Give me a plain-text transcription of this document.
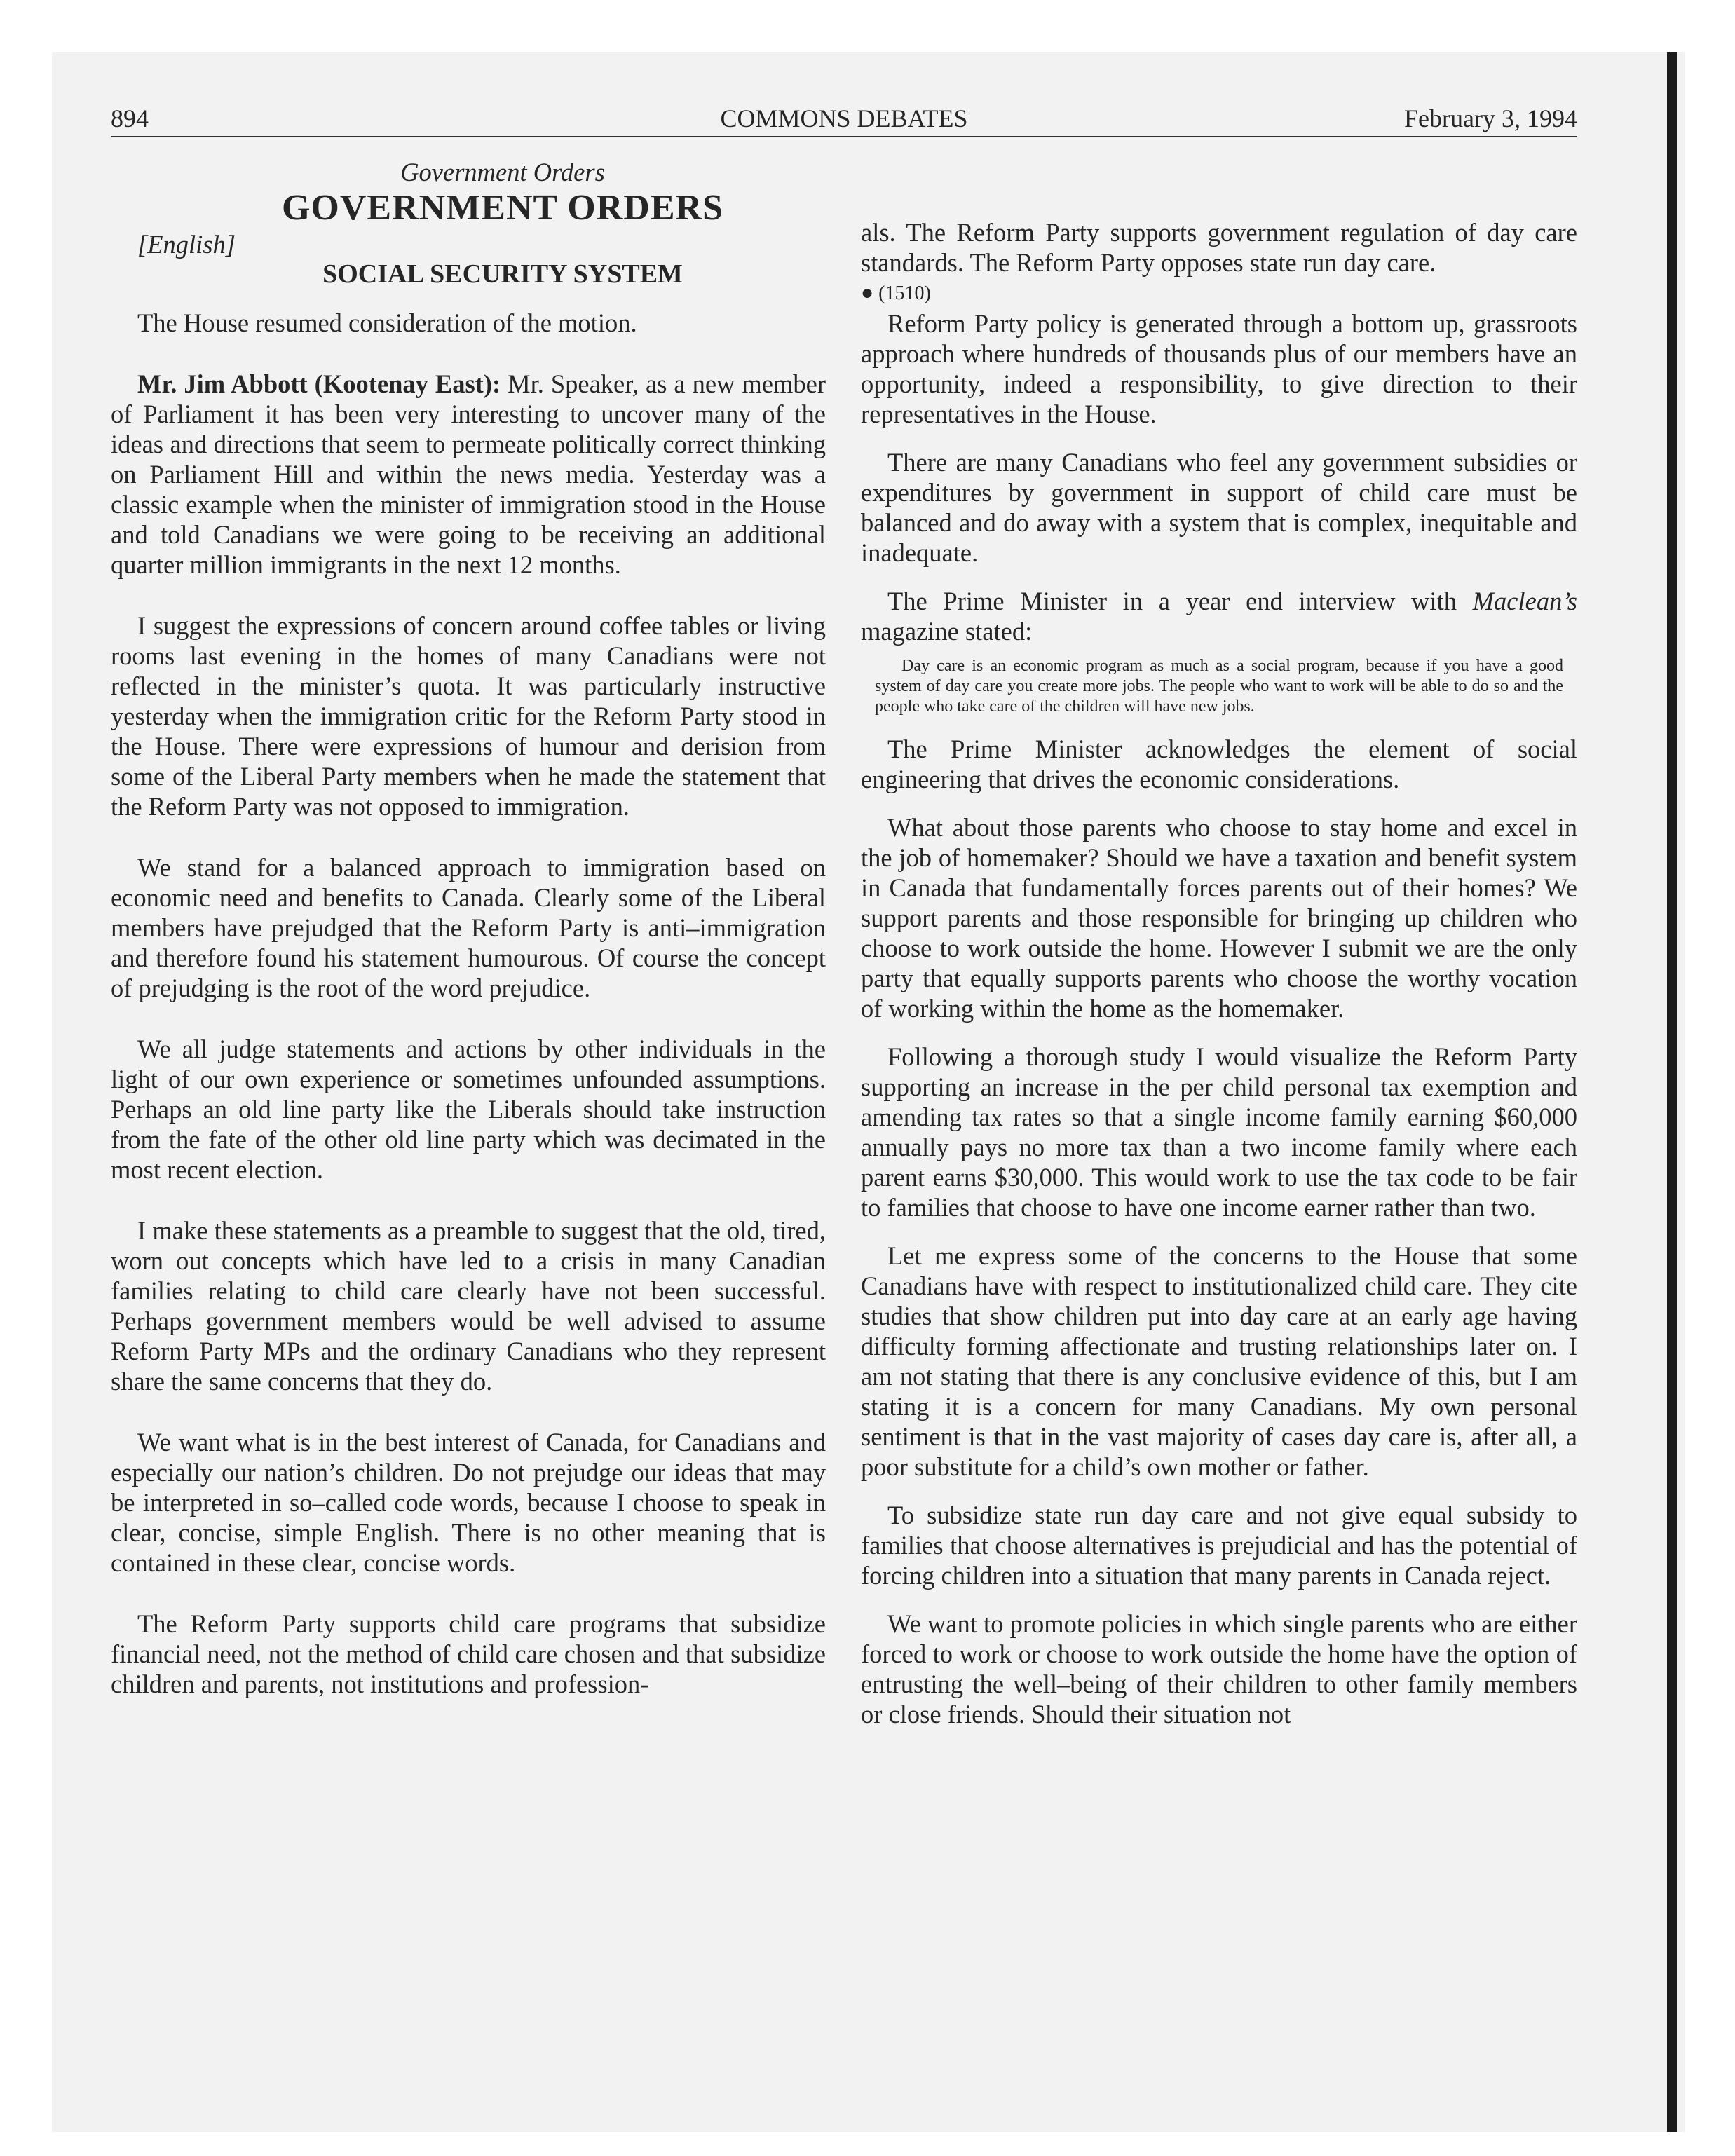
894	COMMONS DEBATES	February 3, 1994

Government Orders

GOVERNMENT ORDERS

[English]

SOCIAL SECURITY SYSTEM

The House resumed consideration of the motion.

Mr. Jim Abbott (Kootenay East): Mr. Speaker, as a new member of Parliament it has been very interesting to uncover many of the ideas and directions that seem to permeate politically correct thinking on Parliament Hill and within the news media. Yesterday was a classic example when the minister of immigration stood in the House and told Canadians we were going to be receiving an additional quarter million immigrants in the next 12 months.

I suggest the expressions of concern around coffee tables or living rooms last evening in the homes of many Canadians were not reflected in the minister’s quota. It was particularly instructive yesterday when the immigration critic for the Reform Party stood in the House. There were expressions of humour and derision from some of the Liberal Party members when he made the statement that the Reform Party was not opposed to immigration.

We stand for a balanced approach to immigration based on economic need and benefits to Canada. Clearly some of the Liberal members have prejudged that the Reform Party is anti–immigration and therefore found his statement humourous. Of course the concept of prejudging is the root of the word prejudice.

We all judge statements and actions by other individuals in the light of our own experience or sometimes unfounded assumptions. Perhaps an old line party like the Liberals should take instruction from the fate of the other old line party which was decimated in the most recent election.

I make these statements as a preamble to suggest that the old, tired, worn out concepts which have led to a crisis in many Canadian families relating to child care clearly have not been successful. Perhaps government members would be well advised to assume Reform Party MPs and the ordinary Canadians who they represent share the same concerns that they do.

We want what is in the best interest of Canada, for Canadians and especially our nation’s children. Do not prejudge our ideas that may be interpreted in so–called code words, because I choose to speak in clear, concise, simple English. There is no other meaning that is contained in these clear, concise words.

The Reform Party supports child care programs that subsidize financial need, not the method of child care chosen and that subsidize children and parents, not institutions and profession-

als. The Reform Party supports government regulation of day care standards. The Reform Party opposes state run day care.

● (1510)

Reform Party policy is generated through a bottom up, grassroots approach where hundreds of thousands plus of our members have an opportunity, indeed a responsibility, to give direction to their representatives in the House.

There are many Canadians who feel any government subsidies or expenditures by government in support of child care must be balanced and do away with a system that is complex, inequitable and inadequate.

The Prime Minister in a year end interview with Maclean’s magazine stated:

Day care is an economic program as much as a social program, because if you have a good system of day care you create more jobs. The people who want to work will be able to do so and the people who take care of the children will have new jobs.

The Prime Minister acknowledges the element of social engineering that drives the economic considerations.

What about those parents who choose to stay home and excel in the job of homemaker? Should we have a taxation and benefit system in Canada that fundamentally forces parents out of their homes? We support parents and those responsible for bringing up children who choose to work outside the home. However I submit we are the only party that equally supports parents who choose the worthy vocation of working within the home as the homemaker.

Following a thorough study I would visualize the Reform Party supporting an increase in the per child personal tax exemption and amending tax rates so that a single income family earning $60,000 annually pays no more tax than a two income family where each parent earns $30,000. This would work to use the tax code to be fair to families that choose to have one income earner rather than two.

Let me express some of the concerns to the House that some Canadians have with respect to institutionalized child care. They cite studies that show children put into day care at an early age having difficulty forming affectionate and trusting relationships later on. I am not stating that there is any conclusive evidence of this, but I am stating it is a concern for many Canadians. My own personal sentiment is that in the vast majority of cases day care is, after all, a poor substitute for a child’s own mother or father.

To subsidize state run day care and not give equal subsidy to families that choose alternatives is prejudicial and has the potential of forcing children into a situation that many parents in Canada reject.

We want to promote policies in which single parents who are either forced to work or choose to work outside the home have the option of entrusting the well–being of their children to other family members or close friends. Should their situation not
